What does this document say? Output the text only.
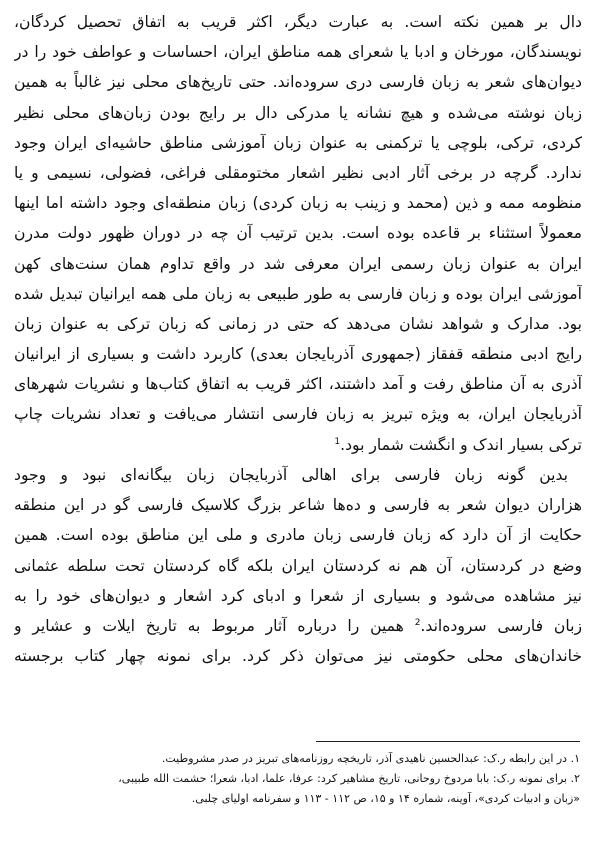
دال بر همین نکته است. به عبارت دیگر، اکثر قریب به اتفاق تحصیل کردگان،
نویسندگان، مورخان و ادبا یا شعرای همه مناطق ایران، احساسات و عواطف خود را در
دیوان‌های شعر به زبان فارسی دری سروده‌اند. حتی تاریخ‌های محلی نیز غالباً به همین
زبان نوشته می‌شده و هیچ نشانه یا مدرکی دال بر رایج بودن زبان‌های محلی نظیر
کردی، ترکی، بلوچی یا ترکمنی به عنوان زبان آموزشی مناطق حاشیه‌ای ایران وجود
ندارد. گرچه در برخی آثار ادبی نظیر اشعار مختومقلی فراغی، فضولی، نسیمی و یا
منظومه ممه و ذین (محمد و زینب به زبان کردی) زبان منطقه‌ای وجود داشته اما اینها
معمولاً استثناء بر قاعده بوده است. بدین ترتیب آن چه در دوران ظهور دولت مدرن
ایران به عنوان زبان رسمی ایران معرفی شد در واقع تداوم همان سنت‌های کهن
آموزشی ایران بوده و زبان فارسی به طور طبیعی به زبان ملی همه ایرانیان تبدیل شده
بود. مدارک و شواهد نشان می‌دهد که حتی در زمانی که زبان ترکی به عنوان زبان
رایج ادبی منطقه قفقاز (جمهوری آذربایجان بعدی) کاربرد داشت و بسیاری از ایرانیان
آذری به آن مناطق رفت و آمد داشتند، اکثر قریب به اتفاق کتاب‌ها و نشریات شهرهای
آذربایجان ایران، به ویژه تبریز به زبان فارسی انتشار می‌یافت و تعداد نشریات چاپ
ترکی بسیار اندک و انگشت شمار بود.$^1$
بدین گونه زبان فارسی برای اهالی آذربایجان زبان بیگانه‌ای نبود و وجود
هزاران دیوان شعر به فارسی و ده‌ها شاعر بزرگ کلاسیک فارسی گو در این منطقه
حکایت از آن دارد که زبان فارسی زبان مادری و ملی این مناطق بوده است. همین
وضع در کردستان، آن هم نه کردستان ایران بلکه گاه کردستان تحت سلطه عثمانی
نیز مشاهده می‌شود و بسیاری از شعرا و ادبای کرد اشعار و دیوان‌های خود را به
زبان فارسی سروده‌اند.$^2$ همین را درباره آثار مربوط به تاریخ ایلات و عشایر و
خاندان‌های محلی حکومتی نیز می‌توان ذکر کرد. برای نمونه چهار کتاب برجسته
۱. در این رابطه ر.ک: عبدالحسین ناهیدی آذر، تاریخچه روزنامه‌های تبریز در صدر مشروطیت.
۲. برای نمونه ر.ک: بابا مردوخ روحانی، تاریخ مشاهیر کرد: عرفا، علما، ادبا، شعرا؛ حشمت الله طبیبی،
«زبان و ادبیات کردی»، آوینه، شماره ۱۴ و ۱۵، ص ۱۱۲ - ۱۱۳ و سفرنامه اولیای چلبی.
